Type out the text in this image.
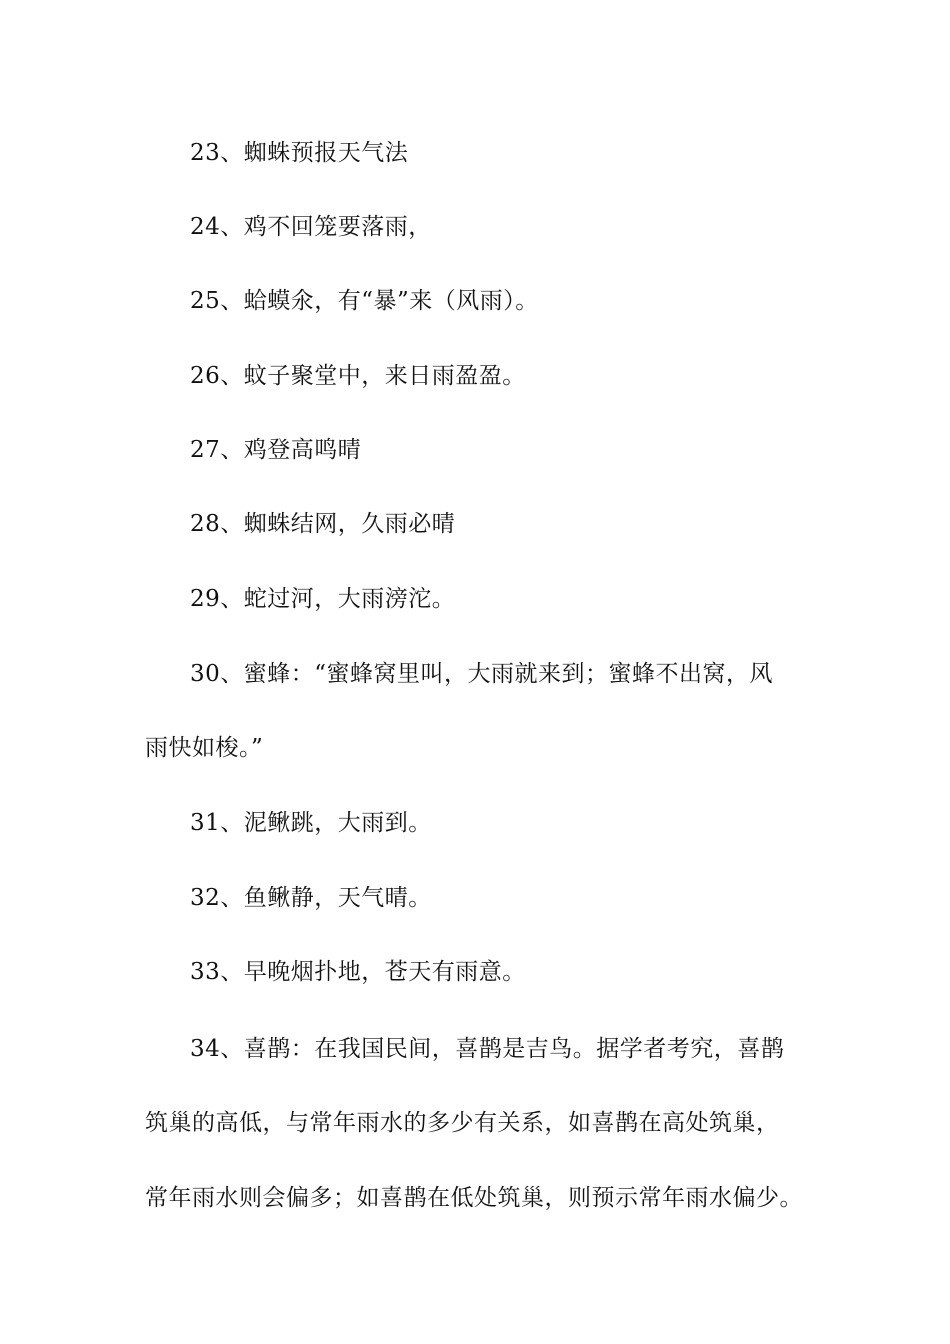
23、蜘蛛预报天气法
24、鸡不回笼要落雨，
25、蛤蟆氽，有“暴”来（风雨）。
26、蚊子聚堂中，来日雨盈盈。
27、鸡登高鸣晴
28、蜘蛛结网，久雨必晴
29、蛇过河，大雨滂沱。
30、蜜蜂：“蜜蜂窝里叫，大雨就来到；蜜蜂不出窝，风
雨快如梭。”
31、泥鳅跳，大雨到。
32、鱼鳅静，天气晴。
33、早晚烟扑地，苍天有雨意。
34、喜鹊：在我国民间，喜鹊是吉鸟。据学者考究，喜鹊
筑巢的高低，与常年雨水的多少有关系，如喜鹊在高处筑巢，
常年雨水则会偏多；如喜鹊在低处筑巢，则预示常年雨水偏少。
